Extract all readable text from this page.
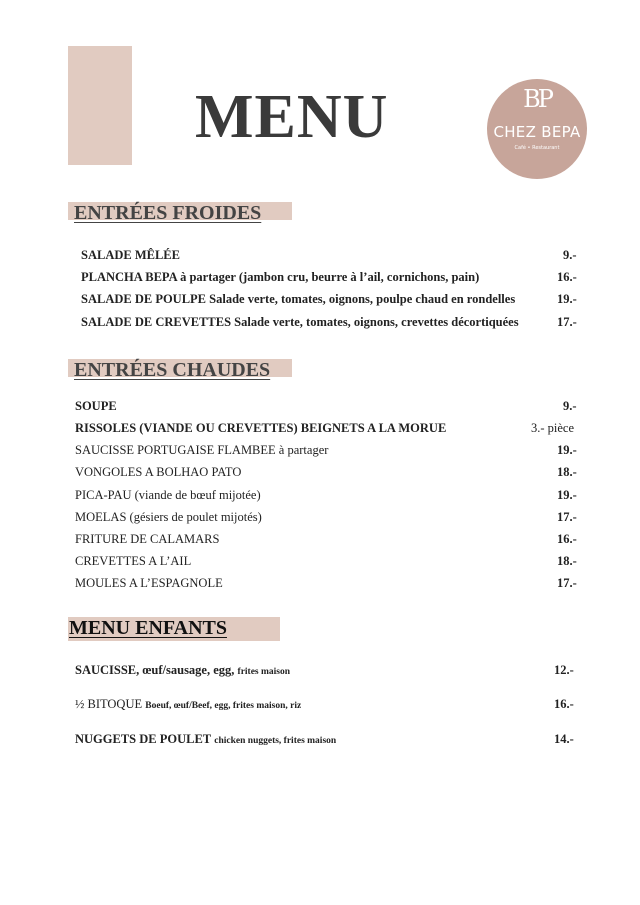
MENU	BP
CHEZ BEPA
Café • Restaurant
ENTRÉES FROIDES
SALADE MÊLÉE	9.-
PLANCHA BEPA à partager (jambon cru, beurre à l’ail, cornichons, pain)	16.-
SALADE DE POULPE Salade verte, tomates, oignons, poulpe chaud en rondelles	19.-
SALADE DE CREVETTES Salade verte, tomates, oignons, crevettes décortiquées	17.-
ENTRÉES CHAUDES
SOUPE	9.-
RISSOLES (VIANDE OU CREVETTES) BEIGNETS A LA MORUE	3.- pièce
SAUCISSE PORTUGAISE FLAMBEE à partager	19.-
VONGOLES A BOLHAO PATO	18.-
PICA-PAU (viande de bœuf mijotée)	19.-
MOELAS (gésiers de poulet mijotés)	17.-
FRITURE DE CALAMARS	16.-
CREVETTES A L’AIL	18.-
MOULES A L’ESPAGNOLE	17.-
MENU ENFANTS
SAUCISSE, œuf/sausage, egg, frites maison	12.-
½ BITOQUE Boeuf, œuf/Beef, egg, frites maison, riz	16.-
NUGGETS DE POULET chicken nuggets, frites maison	14.-
